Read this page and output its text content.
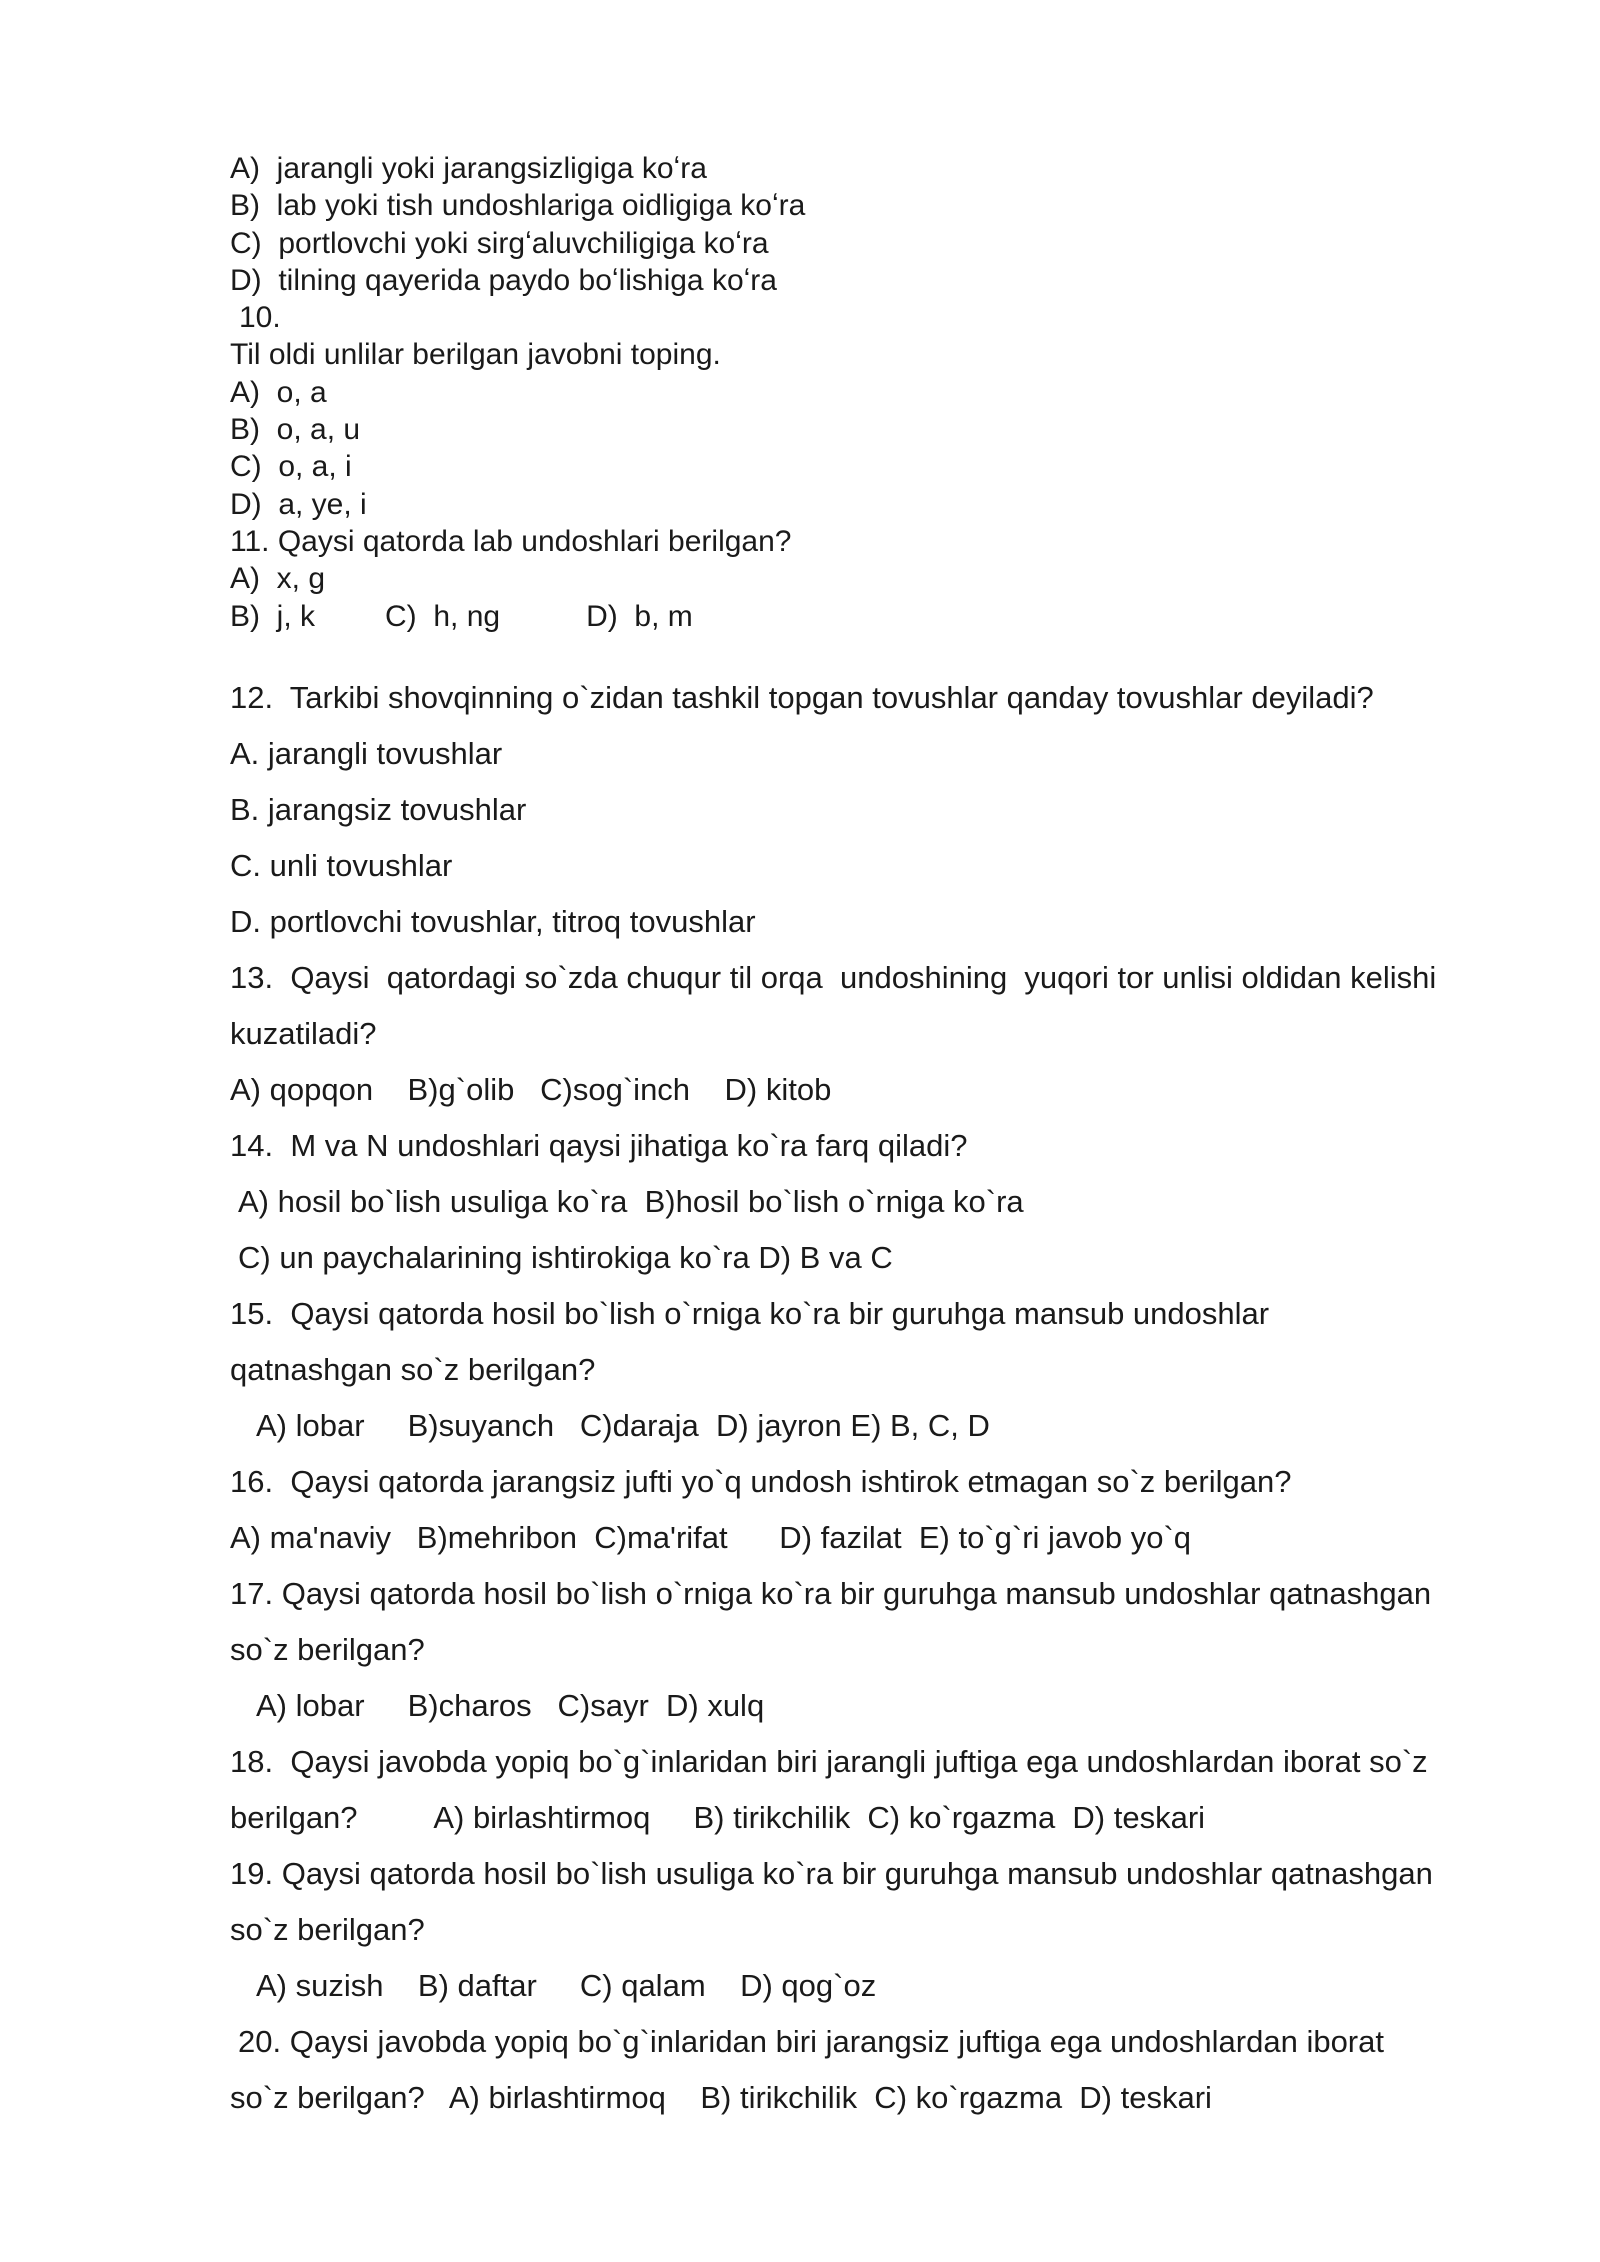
A)  jarangli yoki jarangsizligiga koʻra
B)  lab yoki tish undoshlariga oidligiga koʻra
C)  portlovchi yoki sirgʻaluvchiligiga koʻra
D)  tilning qayerida paydo boʻlishiga koʻra
10.
Til oldi unlilar berilgan javobni toping.
A)  o, a
B)  o, a, u
C)  o, a, i
D)  a, ye, i
11. Qaysi qatorda lab undoshlari berilgan?
A)  x, g
B)  j, k C)  h, ng	D)  b, m
12.  Tarkibi shovqinning o`zidan tashkil topgan tovushlar qanday tovushlar deyiladi?
A. jarangli tovushlar
B. jarangsiz tovushlar
C. unli tovushlar
D. portlovchi tovushlar, titroq tovushlar
13.  Qaysi  qatordagi so`zda chuqur til orqa  undoshining  yuqori tor unlisi oldidan kelishi
kuzatiladi?
A) qopqon    B)g`olib   C)sog`inch    D) kitob
14.  M va N undoshlari qaysi jihatiga ko`ra farq qiladi?
A) hosil bo`lish usuliga ko`ra  B)hosil bo`lish o`rniga ko`ra
C) un paychalarining ishtirokiga ko`ra D) B va C
15.  Qaysi qatorda hosil bo`lish o`rniga ko`ra bir guruhga mansub undoshlar
qatnashgan so`z berilgan?
A) lobar     B)suyanch   C)daraja  D) jayron E) B, C, D
16.  Qaysi qatorda jarangsiz jufti yo`q undosh ishtirok etmagan so`z berilgan?
A) ma'naviy   B)mehribon  C)ma'rifat      D) fazilat  E) to`g`ri javob yo`q
17. Qaysi qatorda hosil bo`lish o`rniga ko`ra bir guruhga mansub undoshlar qatnashgan
so`z berilgan?
A) lobar     B)charos   C)sayr  D) xulq
18.  Qaysi javobda yopiq bo`g`inlaridan biri jarangli juftiga ega undoshlardan iborat so`z
berilgan?         A) birlashtirmoq     B) tirikchilik  C) ko`rgazma  D) teskari
19. Qaysi qatorda hosil bo`lish usuliga ko`ra bir guruhga mansub undoshlar qatnashgan
so`z berilgan?
A) suzish    B) daftar     C) qalam    D) qog`oz
20. Qaysi javobda yopiq bo`g`inlaridan biri jarangsiz juftiga ega undoshlardan iborat
so`z berilgan?   A) birlashtirmoq    B) tirikchilik  C) ko`rgazma  D) teskari
